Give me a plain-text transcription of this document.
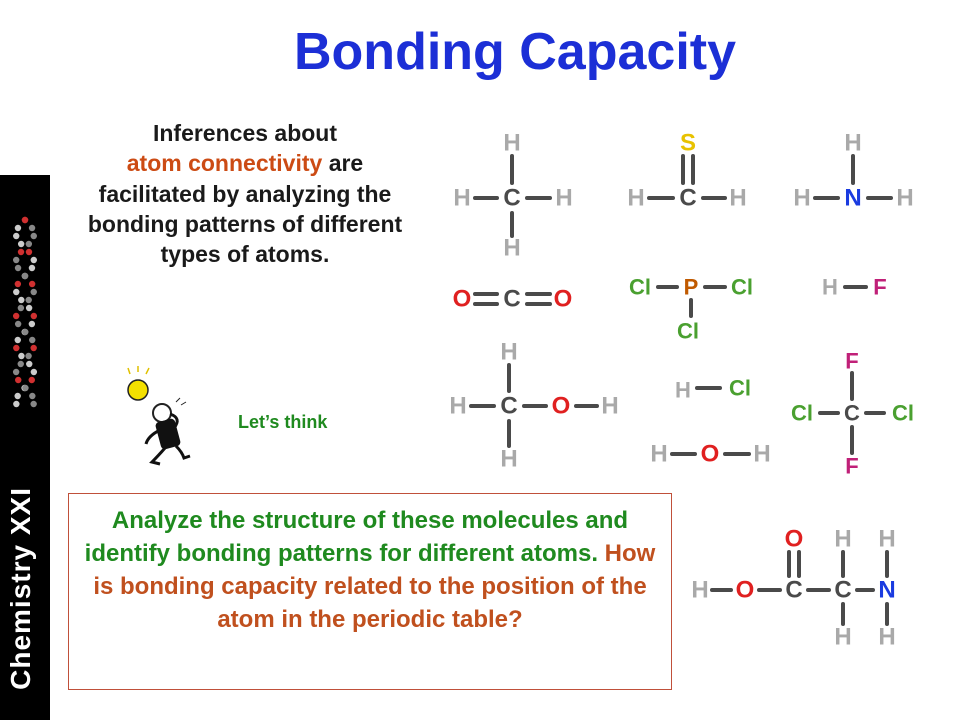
Chemistry XXI
Bonding Capacity
Inferences about
atom connectivity are facilitated by analyzing the bonding patterns of different types of atoms.
H
H C H
H
S
H C H
H
H N H
O C O	Cl P Cl
Cl
H F
H
H C O H
H
H Cl
H O H
F
Cl C Cl
F
O H H
H O C C N
H H
Let’s think
Analyze the structure of these molecules and identify bonding patterns for different atoms. How is bonding capacity related to the position of the atom in the periodic table?
